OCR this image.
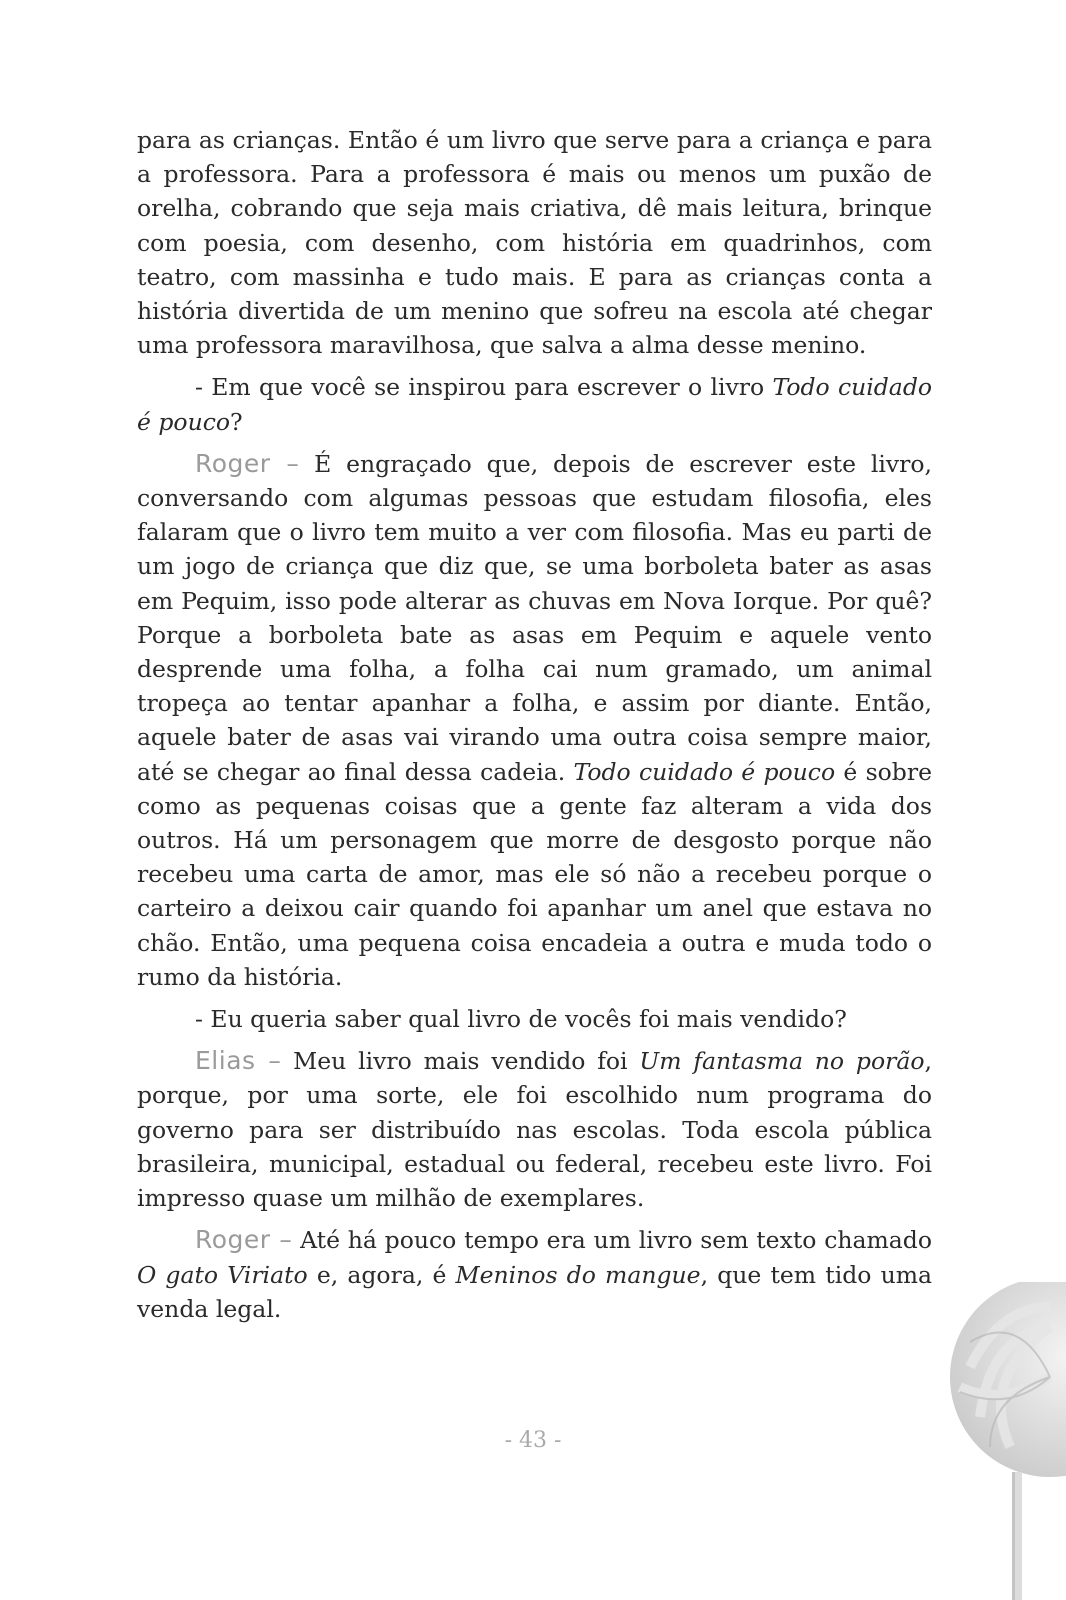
para as crianças. Então é um livro que serve para a criança e para a professora. Para a professora é mais ou menos um puxão de orelha, cobrando que seja mais criativa, dê mais leitura, brinque com poesia, com desenho, com história em quadrinhos, com teatro, com massinha e tudo mais. E para as crianças conta a história divertida de um menino que sofreu na escola até chegar uma professora maravilhosa, que salva a alma desse menino.

- Em que você se inspirou para escrever o livro Todo cuidado é pouco?

Roger – É engraçado que, depois de escrever este livro, conversando com algumas pessoas que estudam filosofia, eles falaram que o livro tem muito a ver com filosofia. Mas eu parti de um jogo de criança que diz que, se uma borboleta bater as asas em Pequim, isso pode alterar as chuvas em Nova Iorque. Por quê? Porque a borboleta bate as asas em Pequim e aquele vento desprende uma folha, a folha cai num gramado, um animal tropeça ao tentar apanhar a folha, e assim por diante. Então, aquele bater de asas vai virando uma outra coisa sempre maior, até se chegar ao final dessa cadeia. Todo cuidado é pouco é sobre como as pequenas coisas que a gente faz alteram a vida dos outros. Há um personagem que morre de desgosto porque não recebeu uma carta de amor, mas ele só não a recebeu porque o carteiro a deixou cair quando foi apanhar um anel que estava no chão. Então, uma pequena coisa encadeia a outra e muda todo o rumo da história.

- Eu queria saber qual livro de vocês foi mais vendido?

Elias – Meu livro mais vendido foi Um fantasma no porão, porque, por uma sorte, ele foi escolhido num programa do governo para ser distribuído nas escolas. Toda escola pública brasileira, municipal, estadual ou federal, recebeu este livro. Foi impresso quase um milhão de exemplares.

Roger – Até há pouco tempo era um livro sem texto chamado O gato Viriato e, agora, é Meninos do mangue, que tem tido uma venda legal.

- 43 -
